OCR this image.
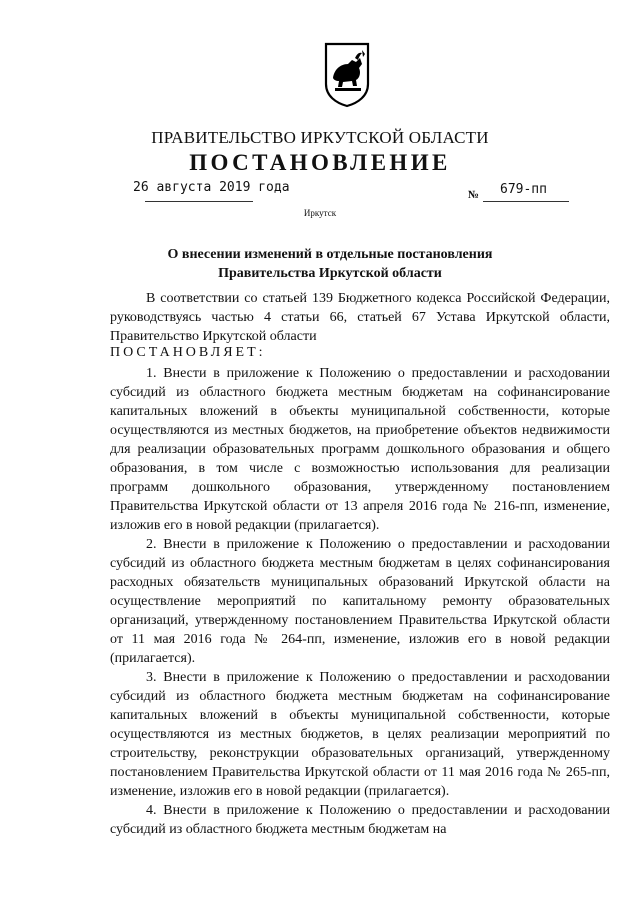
ПРАВИТЕЛЬСТВО ИРКУТСКОЙ ОБЛАСТИ
ПОСТАНОВЛЕНИЕ
26 августа 2019 года	№ 679-пп
Иркутск
О внесении изменений в отдельные постановления Правительства Иркутской области

В соответствии со статьей 139 Бюджетного кодекса Российской Федерации, руководствуясь частью 4 статьи 66, статьей 67 Устава Иркутской области, Правительство Иркутской области

ПОСТАНОВЛЯЕТ:

1. Внести в приложение к Положению о предоставлении и расходовании субсидий из областного бюджета местным бюджетам на софинансирование капитальных вложений в объекты муниципальной собственности, которые осуществляются из местных бюджетов, на приобретение объектов недвижимости для реализации образовательных программ дошкольного образования и общего образования, в том числе с возможностью использования для реализации программ дошкольного образования, утвержденному постановлением Правительства Иркутской области от 13 апреля 2016 года № 216-пп, изменение, изложив его в новой редакции (прилагается).

2. Внести в приложение к Положению о предоставлении и расходовании субсидий из областного бюджета местным бюджетам в целях софинансирования расходных обязательств муниципальных образований Иркутской области на осуществление мероприятий по капитальному ремонту образовательных организаций, утвержденному постановлением Правительства Иркутской области от 11 мая 2016 года № 264-пп, изменение, изложив его в новой редакции (прилагается).

3. Внести в приложение к Положению о предоставлении и расходовании субсидий из областного бюджета местным бюджетам на софинансирование капитальных вложений в объекты муниципальной собственности, которые осуществляются из местных бюджетов, в целях реализации мероприятий по строительству, реконструкции образовательных организаций, утвержденному постановлением Правительства Иркутской области от 11 мая 2016 года № 265-пп, изменение, изложив его в новой редакции (прилагается).

4. Внести в приложение к Положению о предоставлении и расходовании субсидий из областного бюджета местным бюджетам на
